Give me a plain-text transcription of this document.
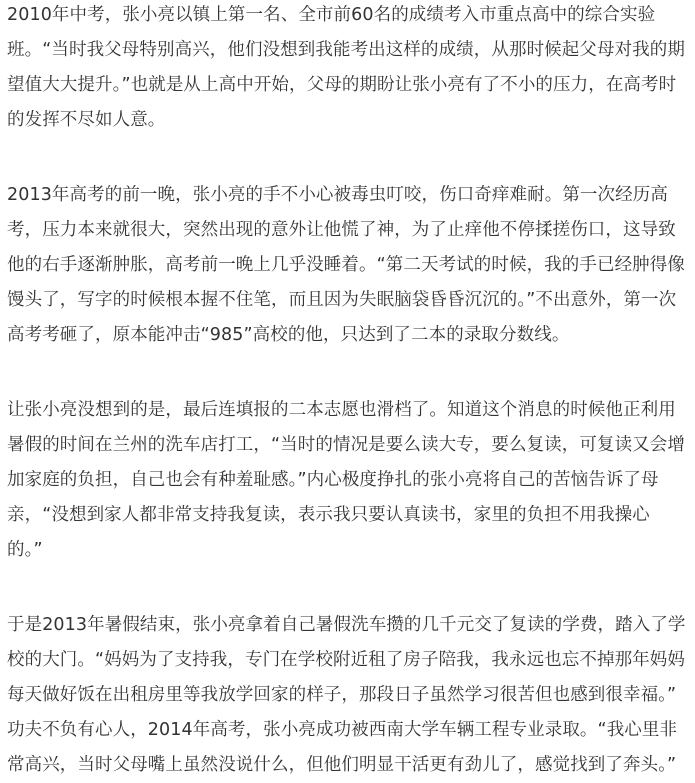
2010年中考，张小亮以镇上第一名、全市前60名的成绩考入市重点高中的综合实验
班。“当时我父母特别高兴，他们没想到我能考出这样的成绩，从那时候起父母对我的期
望值大大提升。”也就是从上高中开始，父母的期盼让张小亮有了不小的压力，在高考时
的发挥不尽如人意。
2013年高考的前一晚，张小亮的手不小心被毒虫叮咬，伤口奇痒难耐。第一次经历高
考，压力本来就很大，突然出现的意外让他慌了神，为了止痒他不停揉搓伤口，这导致
他的右手逐渐肿胀，高考前一晚上几乎没睡着。“第二天考试的时候，我的手已经肿得像
馒头了，写字的时候根本握不住笔，而且因为失眠脑袋昏昏沉沉的。”不出意外，第一次
高考考砸了，原本能冲击“985”高校的他，只达到了二本的录取分数线。
让张小亮没想到的是，最后连填报的二本志愿也滑档了。知道这个消息的时候他正利用
暑假的时间在兰州的洗车店打工，“当时的情况是要么读大专，要么复读，可复读又会增
加家庭的负担，自己也会有种羞耻感。”内心极度挣扎的张小亮将自己的苦恼告诉了母
亲，“没想到家人都非常支持我复读，表示我只要认真读书，家里的负担不用我操心
的。”
于是2013年暑假结束，张小亮拿着自己暑假洗车攒的几千元交了复读的学费，踏入了学
校的大门。“妈妈为了支持我，专门在学校附近租了房子陪我，我永远也忘不掉那年妈妈
每天做好饭在出租房里等我放学回家的样子，那段日子虽然学习很苦但也感到很幸福。”
功夫不负有心人，2014年高考，张小亮成功被西南大学车辆工程专业录取。“我心里非
常高兴，当时父母嘴上虽然没说什么，但他们明显干活更有劲儿了，感觉找到了奔头。”
